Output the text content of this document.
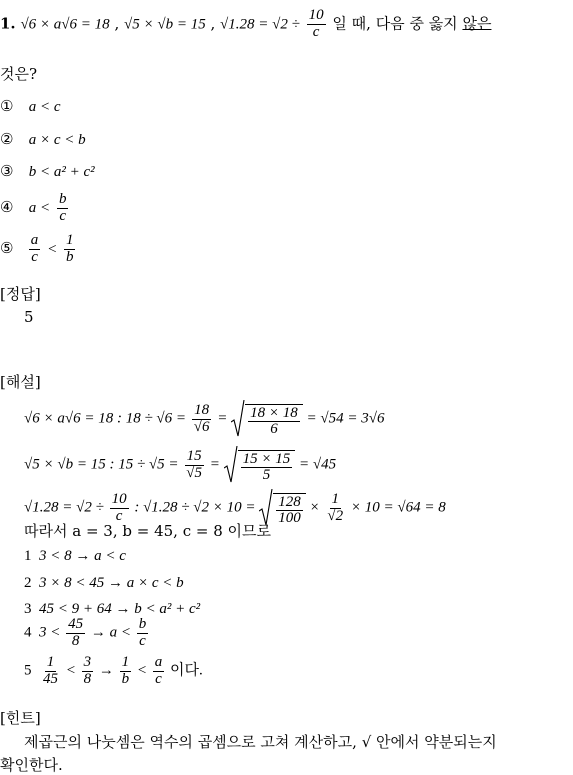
1. √6 × a√6 = 18 , √5 × √b = 15 , $√1.28 = √2 \div \frac{10}{c}$ 일 때, 다음 중 옳지 않은
것은?
① a < c
② a × c < b
③ b < a² + c²
④ $a < \frac{b}{c}$
⑤ $\frac{a}{c} < \frac{1}{b}$
[정답]
5
[해설]
√6 × a√6 = 18 : $18 \div √6 = \frac{18}{√6} = \frac{18 \times 18}{6} = √54 = 3√6$
√5 × √b = 15 : $15 \div √5 = \frac{15}{√5} = \frac{15 \times 15}{5} = √45$
$√1.28 = √2 \div \frac{10}{c}$ : $√1.28 \div √2 \times 10 = \frac{128}{100} \times \frac{1}{√2} \times 10 = √64 = 8$
따라서 a = 3, b = 45, c = 8 이므로
1 3 < 8 → a < c
2 3 × 8 < 45 → a × c < b
3 45 < 9 + 64 → b < a² + c²
4 $3 < \frac{45}{8} \to a < \frac{b}{c}$
$5 \frac{1}{45} < \frac{3}{8} \to \frac{1}{b} < \frac{a}{c}$ 이다.
[힌트]
제곱근의 나눗셈은 역수의 곱셈으로 고쳐 계산하고, √ 안에서 약분되는지
확인한다.
